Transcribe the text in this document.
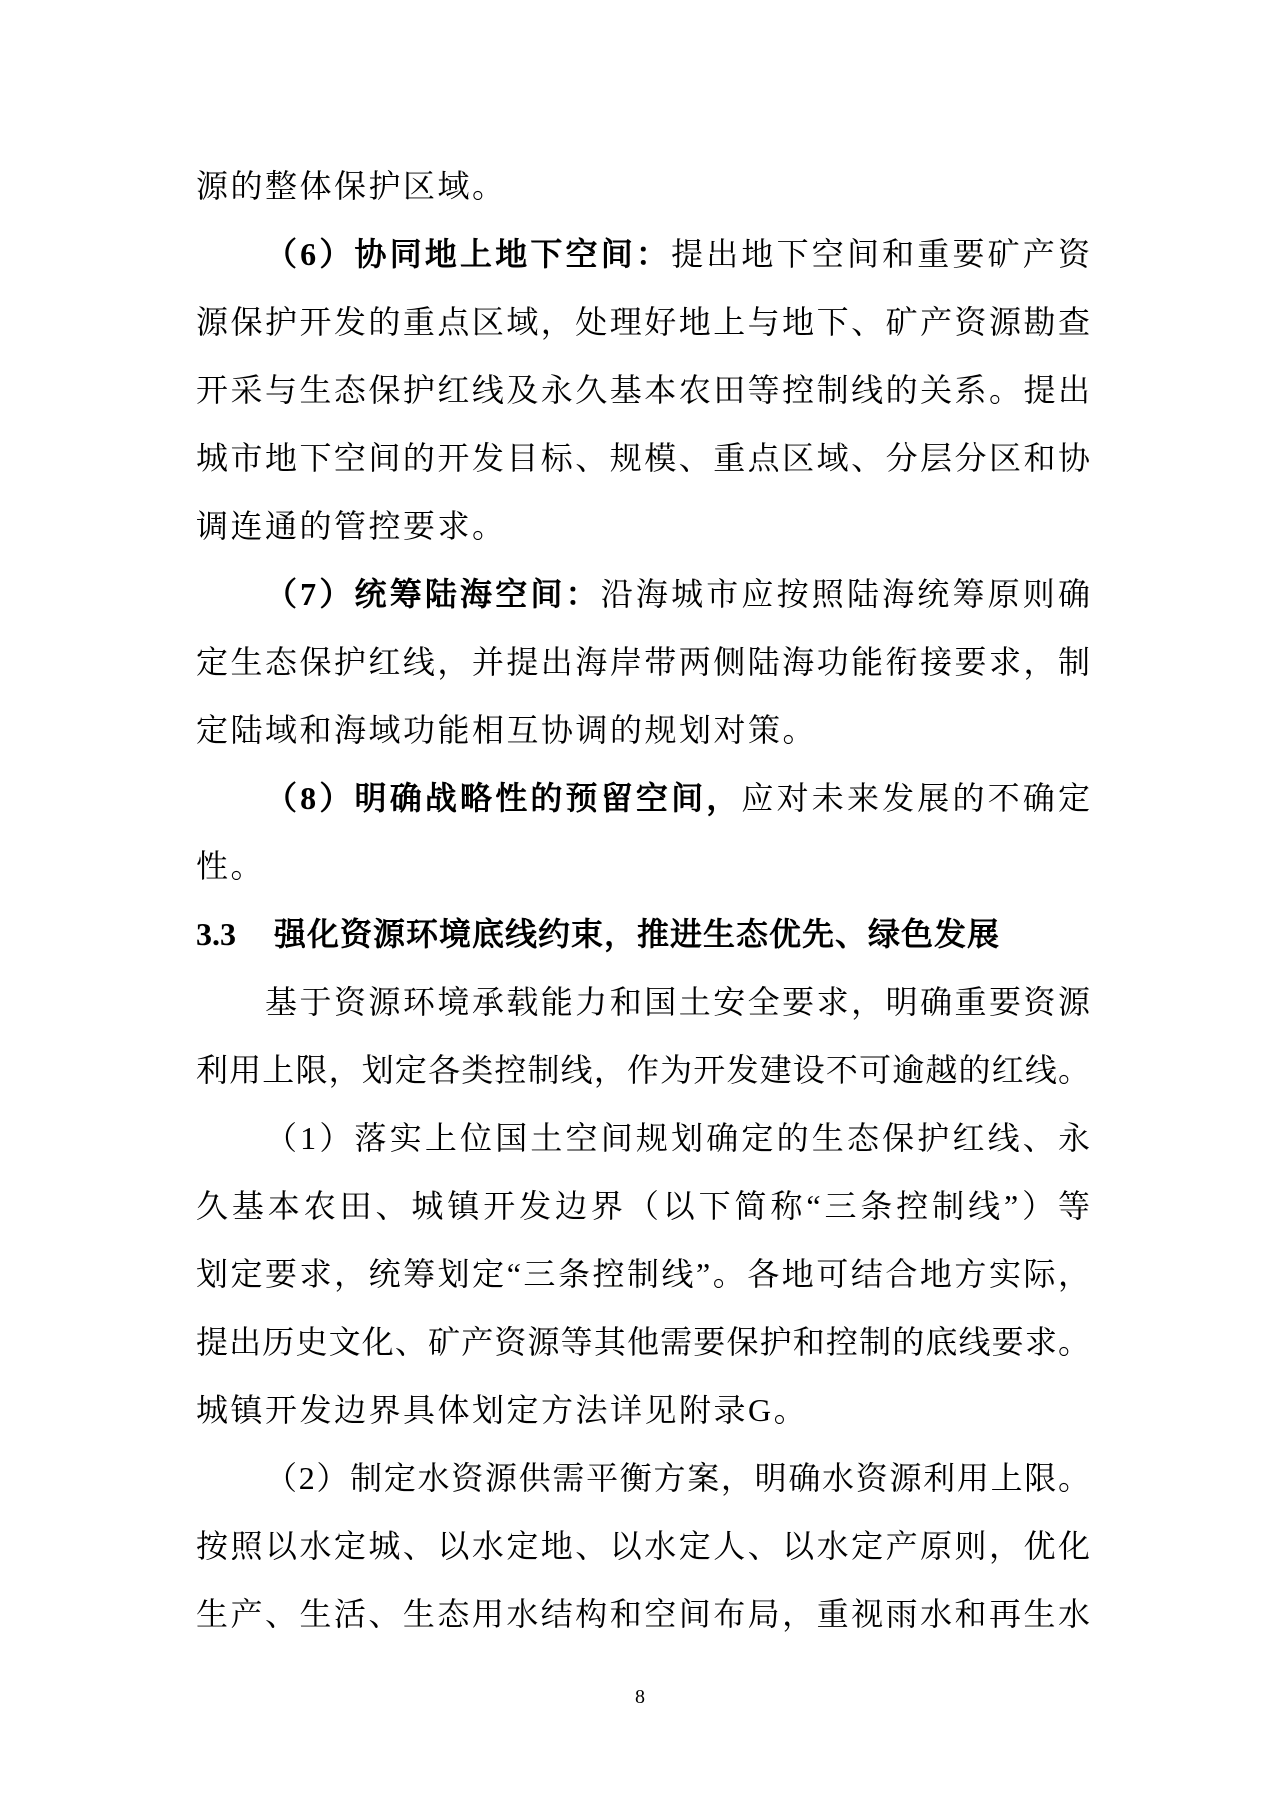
源的整体保护区域。
（6）协同地上地下空间：提出地下空间和重要矿产资
源保护开发的重点区域，处理好地上与地下、矿产资源勘查
开采与生态保护红线及永久基本农田等控制线的关系。提出
城市地下空间的开发目标、规模、重点区域、分层分区和协
调连通的管控要求。
（7）统筹陆海空间：沿海城市应按照陆海统筹原则确
定生态保护红线，并提出海岸带两侧陆海功能衔接要求，制
定陆域和海域功能相互协调的规划对策。
（8）明确战略性的预留空间，应对未来发展的不确定
性。
3.3 强化资源环境底线约束，推进生态优先、绿色发展
基于资源环境承载能力和国土安全要求，明确重要资源
利用上限，划定各类控制线，作为开发建设不可逾越的红线。
（1）落实上位国土空间规划确定的生态保护红线、永
久基本农田、城镇开发边界（以下简称“三条控制线”）等
划定要求，统筹划定“三条控制线”。各地可结合地方实际，
提出历史文化、矿产资源等其他需要保护和控制的底线要求。
城镇开发边界具体划定方法详见附录G。
（2）制定水资源供需平衡方案，明确水资源利用上限。
按照以水定城、以水定地、以水定人、以水定产原则，优化
生产、生活、生态用水结构和空间布局，重视雨水和再生水
8
